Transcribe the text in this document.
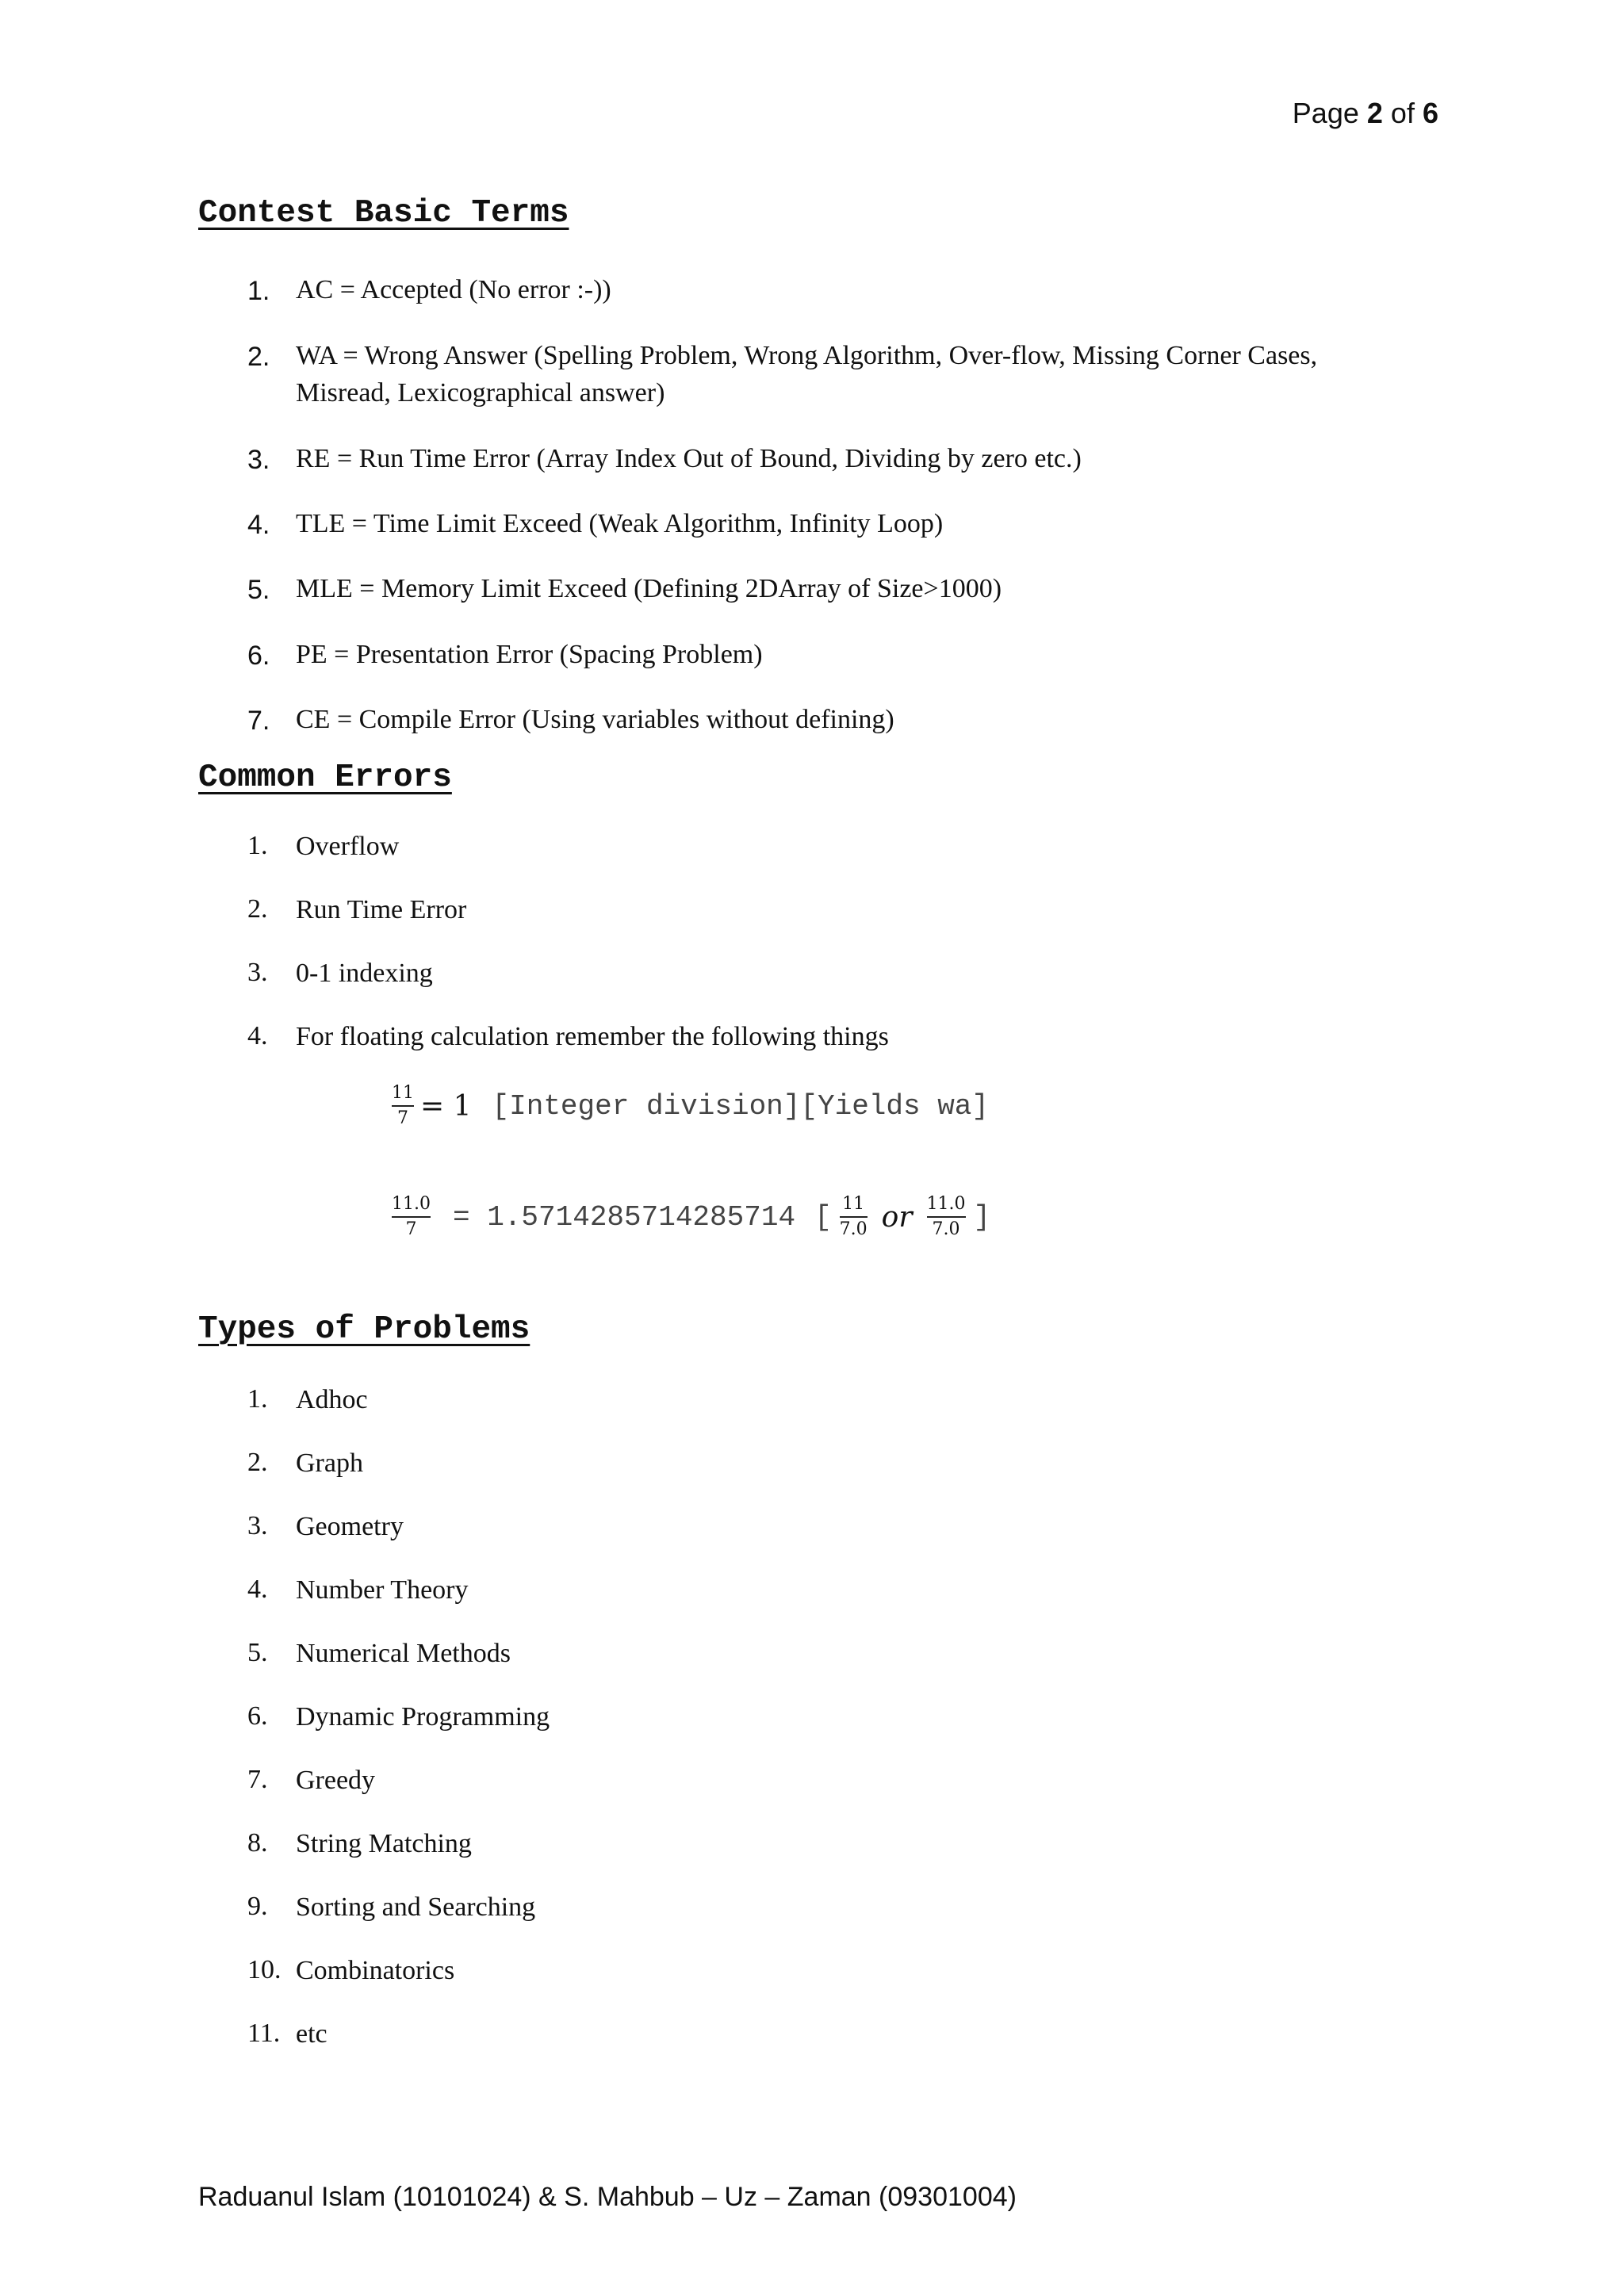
Page 2 of 6
Contest Basic Terms
1. AC = Accepted (No error :-))
2. WA = Wrong Answer (Spelling Problem, Wrong Algorithm, Over-flow, Missing Corner Cases,
Misread, Lexicographical answer)
3. RE = Run Time Error (Array Index Out of Bound, Dividing by zero etc.)
4. TLE = Time Limit Exceed (Weak Algorithm, Infinity Loop)
5. MLE = Memory Limit Exceed (Defining 2DArray of Size>1000)
6. PE = Presentation Error (Spacing Problem)
7. CE = Compile Error (Using variables without defining)
Common Errors
1. Overflow
2. Run Time Error
3. 0-1 indexing
4. For floating calculation remember the following things
$\frac{11}{7} = 1$ [Integer division][Yields wa]
$\frac{11.0}{7} = 1.5714285714285714$ [ $\frac{11}{7.0}$ or $\frac{11.0}{7.0}$ ]
Types of Problems
1. Adhoc
2. Graph
3. Geometry
4. Number Theory
5. Numerical Methods
6. Dynamic Programming
7. Greedy
8. String Matching
9. Sorting and Searching
10. Combinatorics
11. etc
Raduanul Islam (10101024) & S. Mahbub – Uz – Zaman (09301004)
